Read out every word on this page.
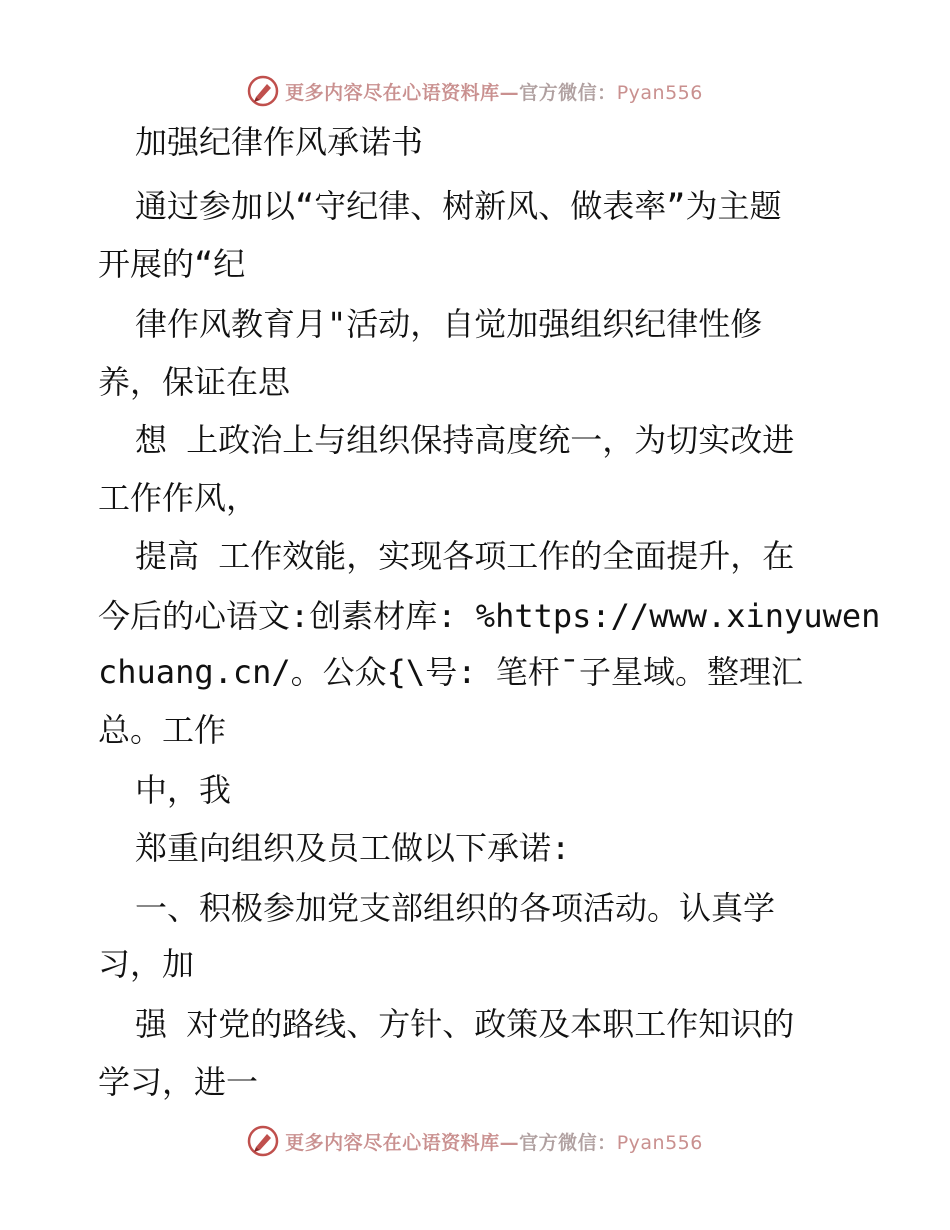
更多内容尽在心语资料库—官方微信：Pyan556
加强纪律作风承诺书
通过参加以“守纪律、树新风、做表率”为主题
开展的“纪
律作风教育月"活动，自觉加强组织纪律性修
养，保证在思
想 上政治上与组织保持高度统一，为切实改进
工作作风，
提高 工作效能，实现各项工作的全面提升，在
今后的心语文:创素材库: %https://www.xinyuwen
chuang.cn/。公众{\号: 笔杆¯子星域。整理汇
总。工作
中，我
郑重向组织及员工做以下承诺:
一、积极参加党支部组织的各项活动。认真学
习，加
强 对党的路线、方针、政策及本职工作知识的
学习，进一
更多内容尽在心语资料库—官方微信：Pyan556
